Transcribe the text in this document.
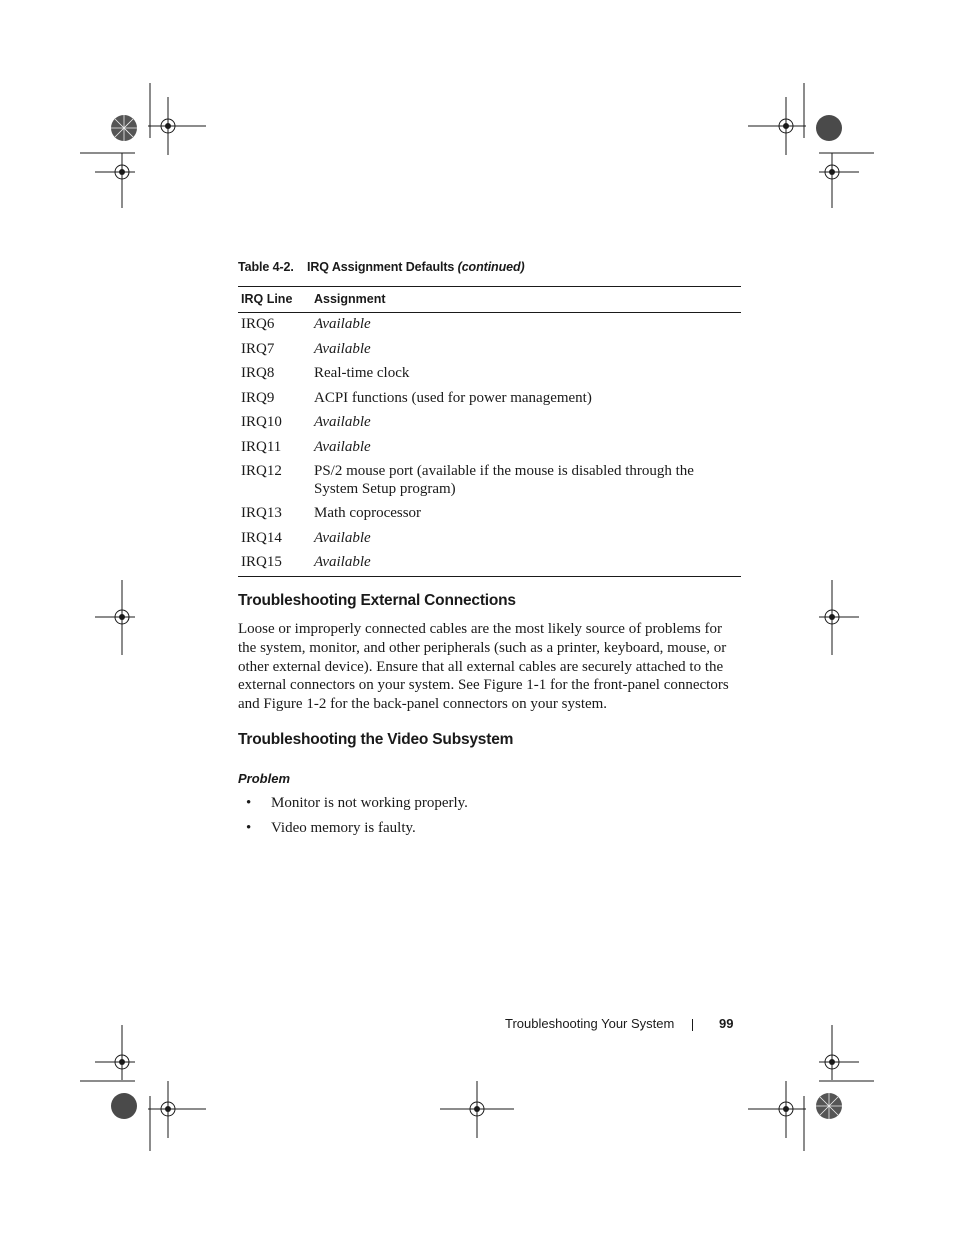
Table 4-2. IRQ Assignment Defaults (continued)
IRQ Line	Assignment
IRQ6	Available
IRQ7	Available
IRQ8	Real-time clock
IRQ9	ACPI functions (used for power management)
IRQ10	Available
IRQ11	Available
IRQ12	PS/2 mouse port (available if the mouse is disabled through the System Setup program)
IRQ13	Math coprocessor
IRQ14	Available
IRQ15	Available
Troubleshooting External Connections

Loose or improperly connected cables are the most likely source of problems for the system, monitor, and other peripherals (such as a printer, keyboard, mouse, or other external device). Ensure that all external cables are securely attached to the external connectors on your system. See Figure 1-1 for the front-panel connectors and Figure 1-2 for the back-panel connectors on your system.

Troubleshooting the Video Subsystem

Problem

• Monitor is not working properly.
• Video memory is faulty.
Troubleshooting Your System	99
